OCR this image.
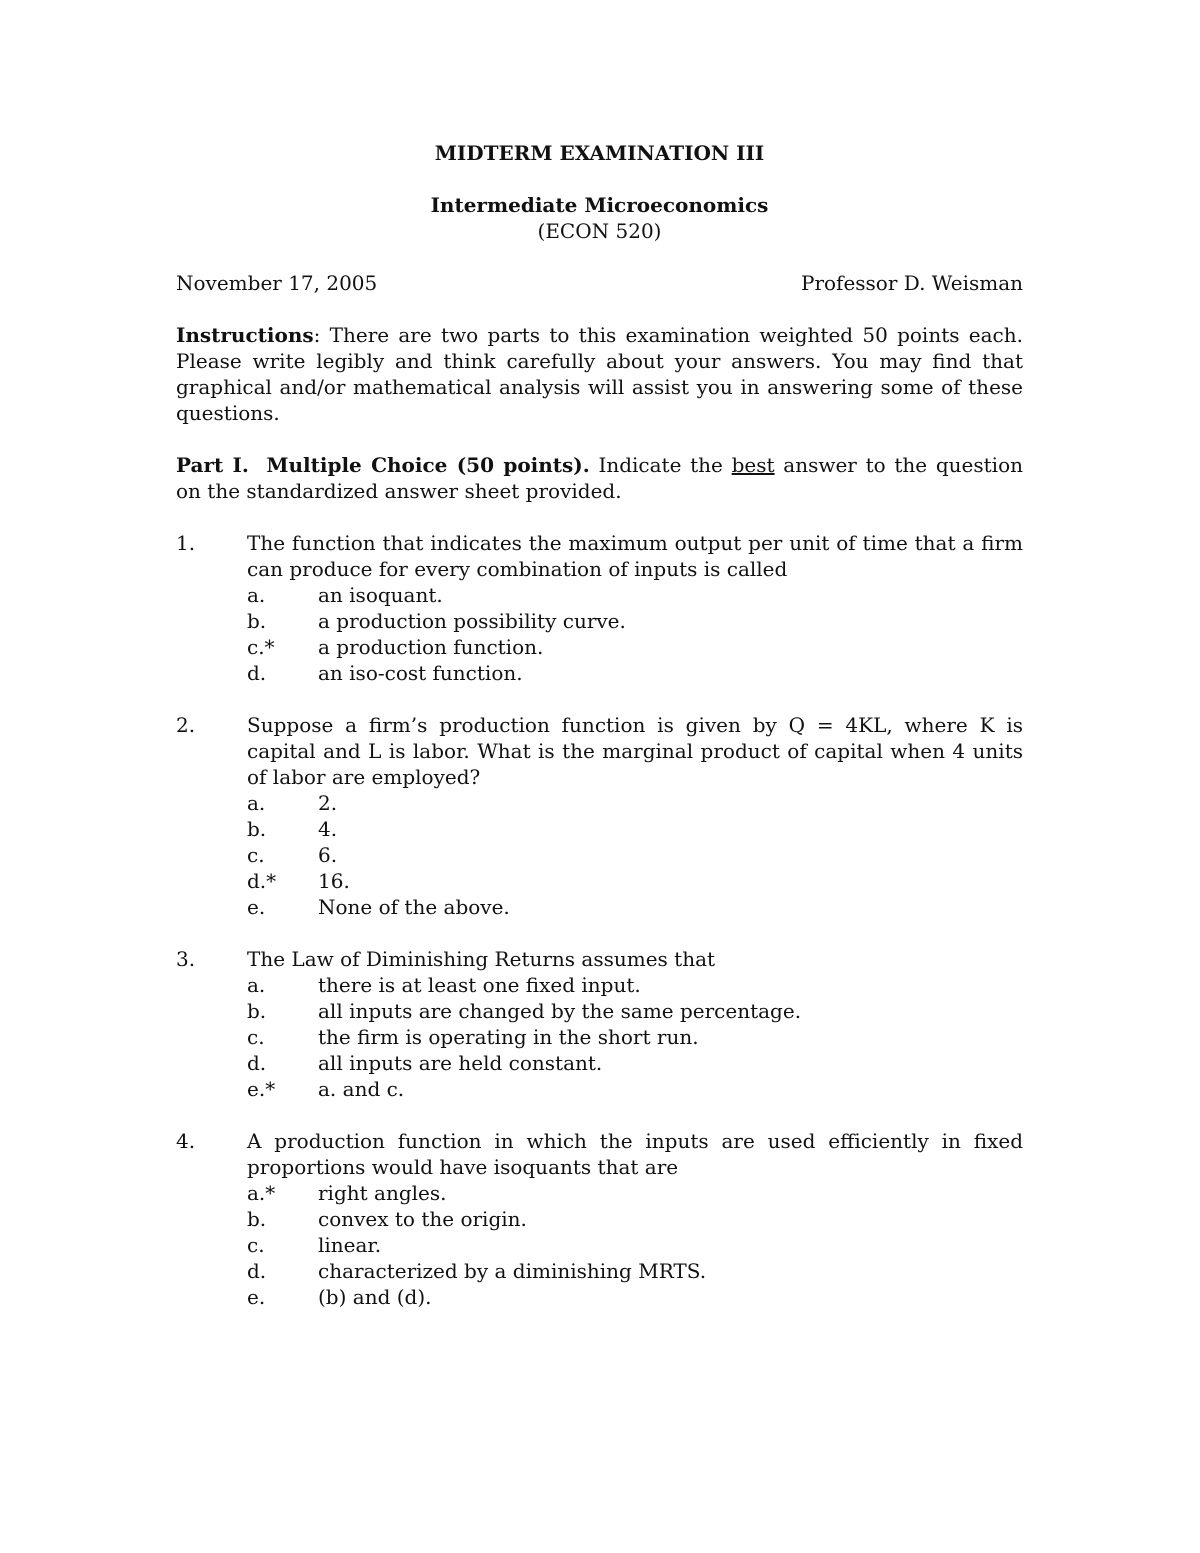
MIDTERM EXAMINATION III
Intermediate Microeconomics
(ECON 520)
November 17, 2005	Professor D. Weisman
Instructions: There are two parts to this examination weighted 50 points each. Please write legibly and think carefully about your answers. You may find that graphical and/or mathematical analysis will assist you in answering some of these questions.
Part I. Multiple Choice (50 points). Indicate the best answer to the question on the standardized answer sheet provided.
1.	The function that indicates the maximum output per unit of time that a firm can produce for every combination of inputs is called
a.	an isoquant.
b.	a production possibility curve.
c.*	a production function.
d.	an iso-cost function.
2.	Suppose a firm’s production function is given by Q = 4KL, where K is capital and L is labor. What is the marginal product of capital when 4 units of labor are employed?
a.	2.
b.	4.
c.	6.
d.*	16.
e.	None of the above.
3.	The Law of Diminishing Returns assumes that
a.	there is at least one fixed input.
b.	all inputs are changed by the same percentage.
c.	the firm is operating in the short run.
d.	all inputs are held constant.
e.*	a. and c.
4.	A production function in which the inputs are used efficiently in fixed proportions would have isoquants that are
a.*	right angles.
b.	convex to the origin.
c.	linear.
d.	characterized by a diminishing MRTS.
e.	(b) and (d).
